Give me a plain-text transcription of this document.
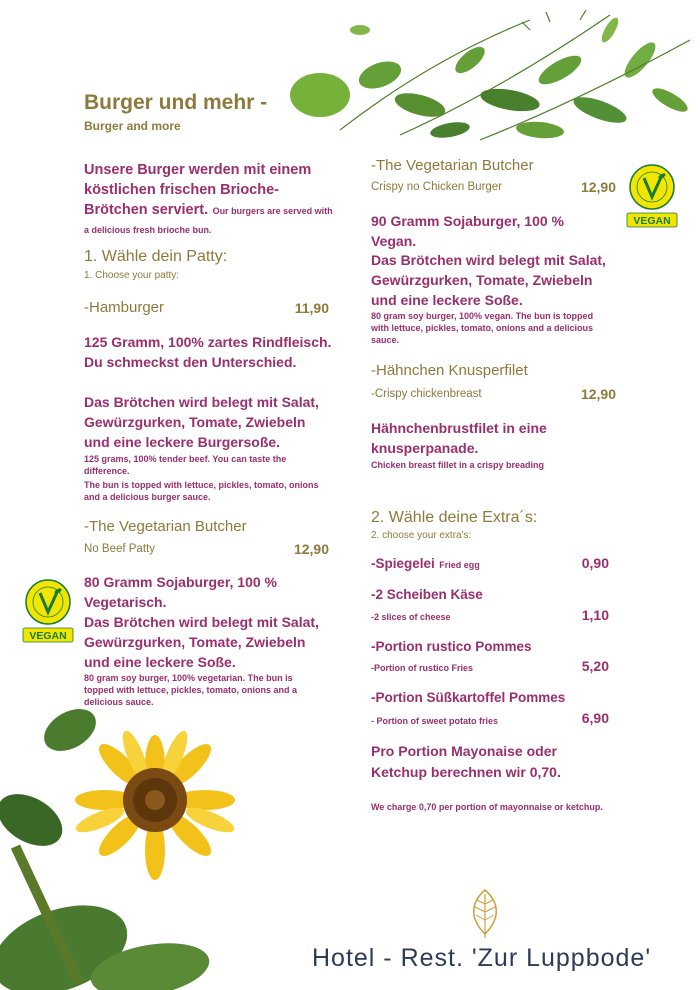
Burger und mehr -
Burger and more
Unsere Burger werden mit einem köstlichen frischen Brioche-Brötchen serviert. Our burgers are served with a delicious fresh brioche bun.
1. Wähle dein Patty:
1. Choose your patty:
-Hamburger	11,90
125 Gramm, 100% zartes Rindfleisch. Du schmeckst den Unterschied.
Das Brötchen wird belegt mit Salat, Gewürzgurken, Tomate, Zwiebeln und eine leckere Burgersoße.
125 grams, 100% tender beef. You can taste the difference.
The bun is topped with lettuce, pickles, tomato, onions and a delicious burger sauce.
-The Vegetarian Butcher
No Beef Patty	12,90
80 Gramm Sojaburger, 100 % Vegetarisch.
Das Brötchen wird belegt mit Salat, Gewürzgurken, Tomate, Zwiebeln und eine leckere Soße.
80 gram soy burger, 100% vegetarian. The bun is topped with lettuce, pickles, tomato, onions and a delicious sauce.
VEGAN
-The Vegetarian Butcher
Crispy no Chicken Burger	12,90
VEGAN
90 Gramm Sojaburger, 100 % Vegan.
Das Brötchen wird belegt mit Salat, Gewürzgurken, Tomate, Zwiebeln und eine leckere Soße.
80 gram soy burger, 100% vegan. The bun is topped with lettuce, pickles, tomato, onions and a delicious sauce.
-Hähnchen Knusperfilet
-Crispy chickenbreast	12,90
Hähnchenbrustfilet in eine knusperpanade.
Chicken breast fillet in a crispy breading
2. Wähle deine Extra´s:
2. choose your extra's:
-Spiegelei Fried egg	0,90
-2 Scheiben Käse
-2 slices of cheese	1,10
-Portion rustico Pommes
-Portion of rustico Fries	5,20
-Portion Süßkartoffel Pommes
- Portion of sweet potato fries	6,90
Pro Portion Mayonaise oder Ketchup berechnen wir 0,70.
We charge 0,70 per portion of mayonnaise or ketchup.
Hotel - Rest. 'Zur Luppbode'
